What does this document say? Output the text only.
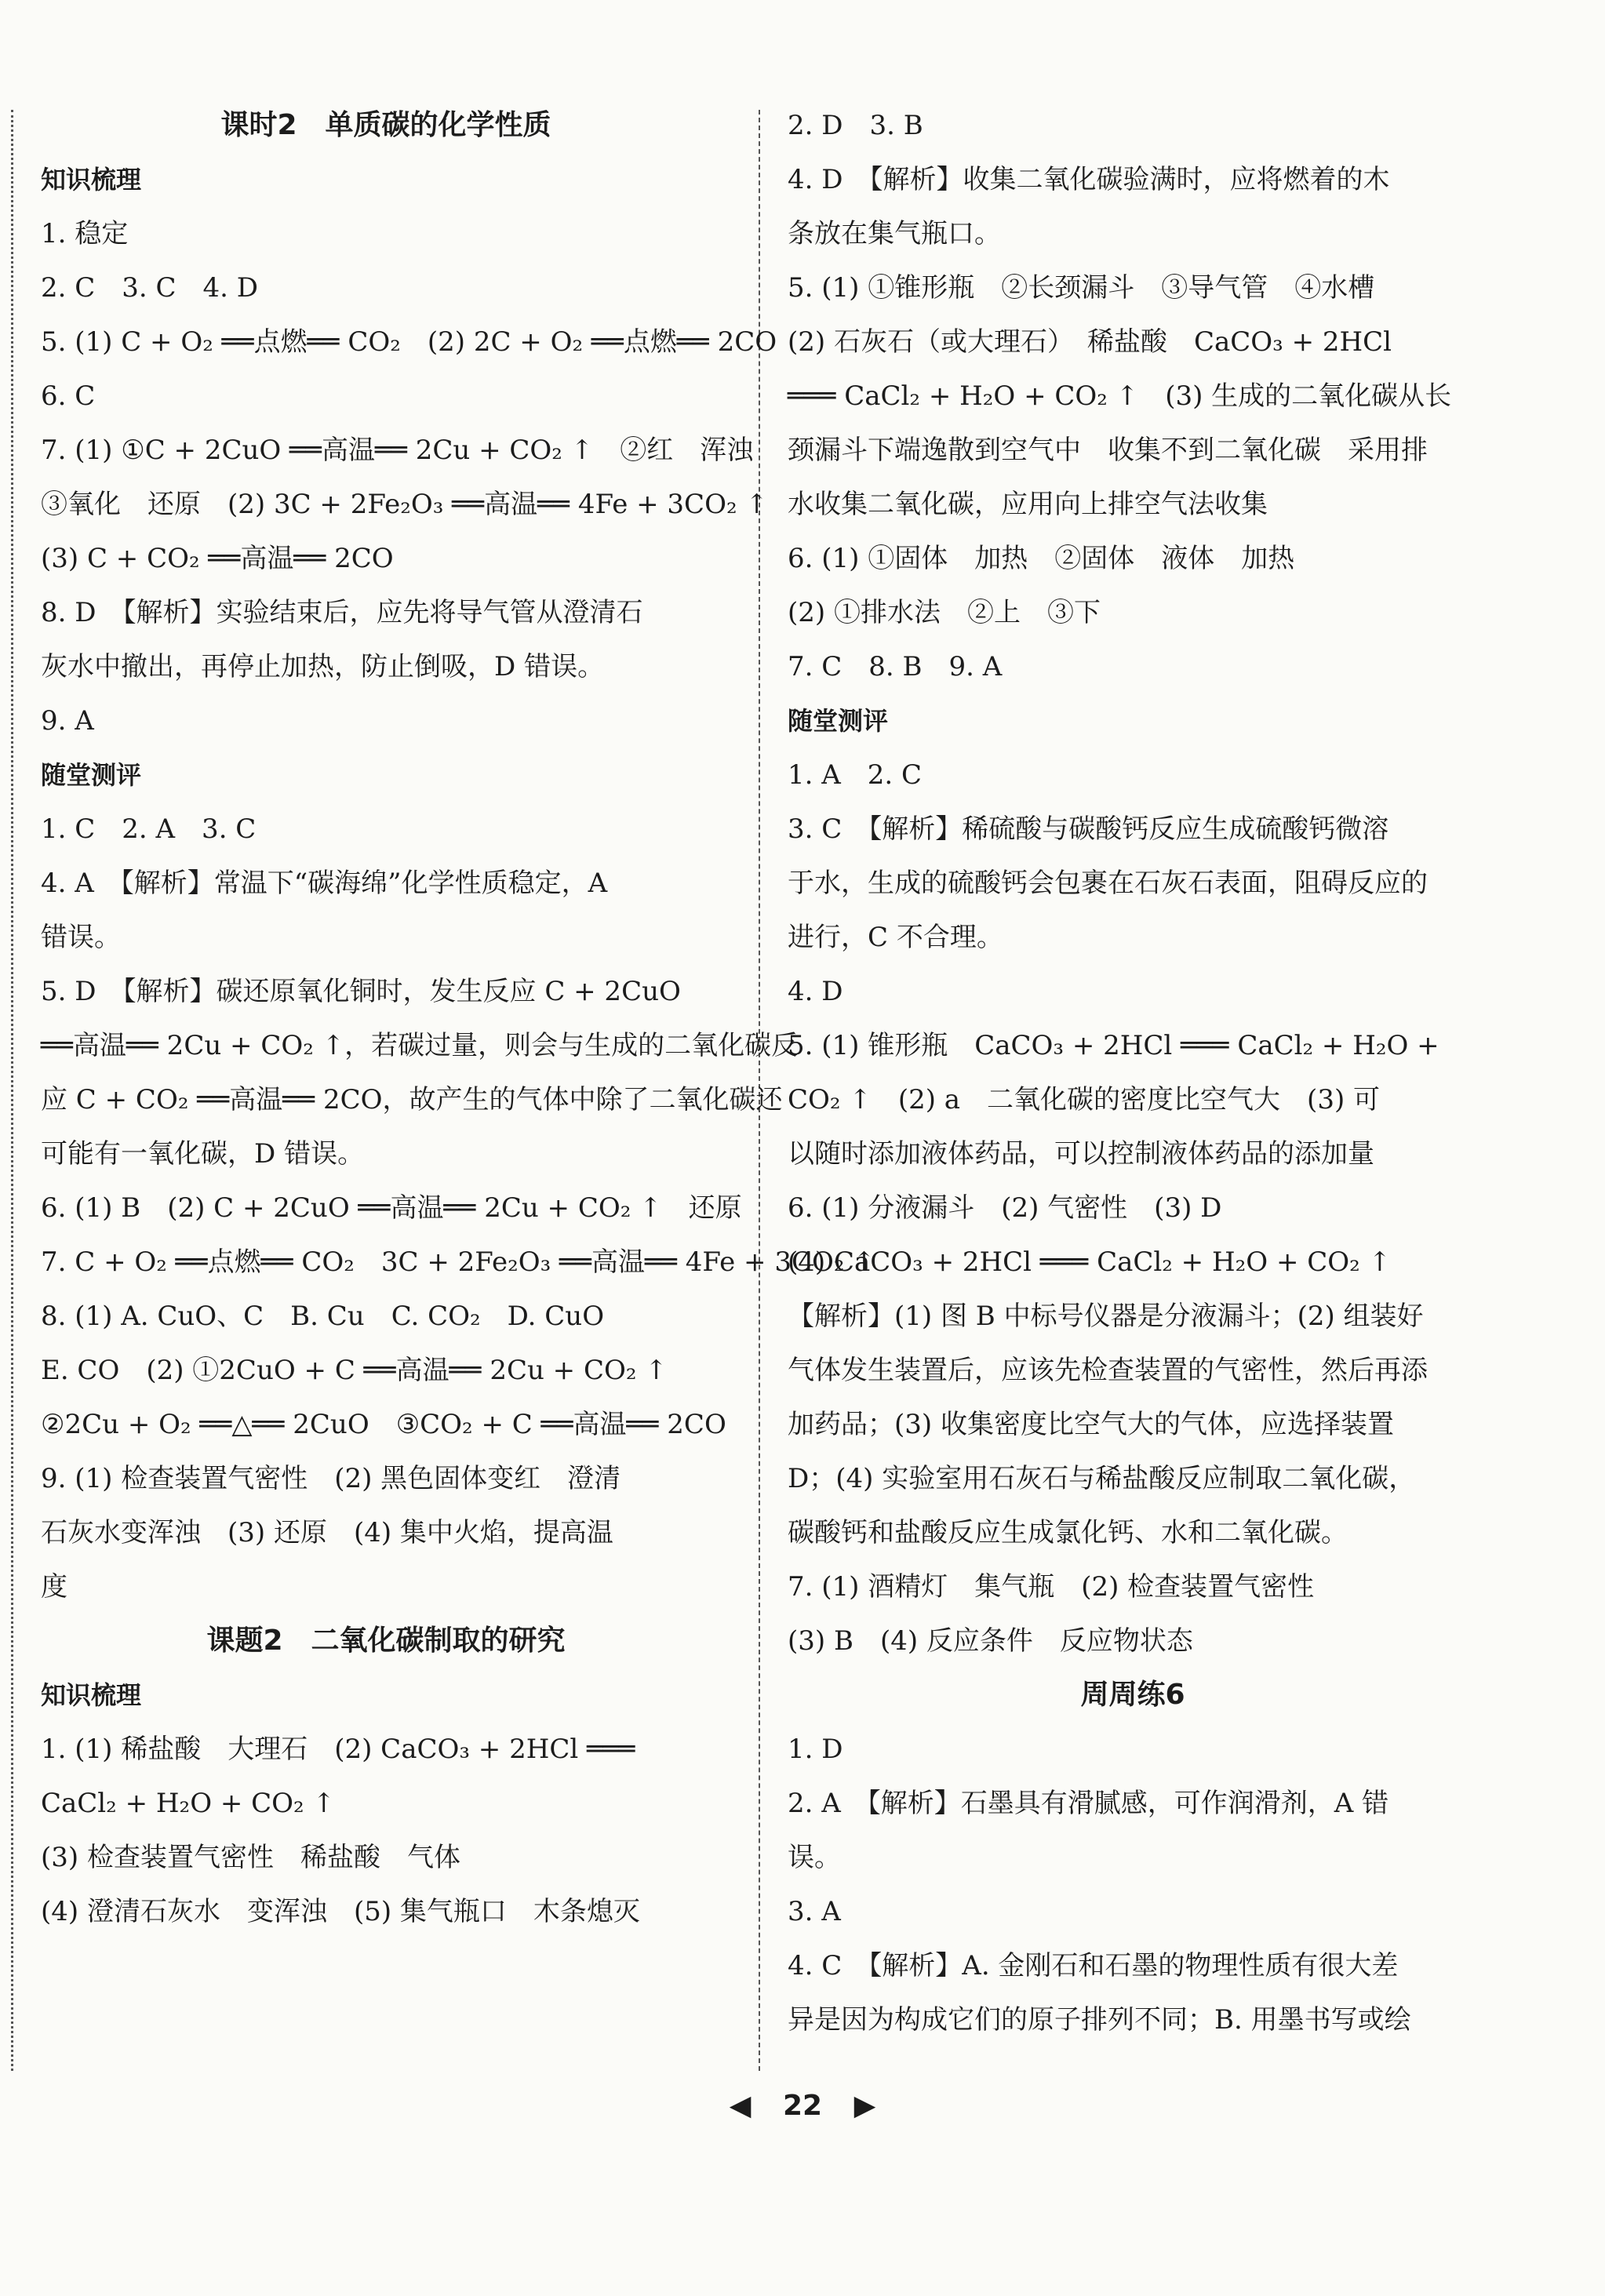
课时2　单质碳的化学性质
知识梳理
1. 稳定
2. C　3. C　4. D
5. (1) C + O₂ ══点燃══ CO₂　(2) 2C + O₂ ══点燃══ 2CO
6. C
7. (1) ①C + 2CuO ══高温══ 2Cu + CO₂ ↑　②红　浑浊
③氧化　还原　(2) 3C + 2Fe₂O₃ ══高温══ 4Fe + 3CO₂ ↑
(3) C + CO₂ ══高温══ 2CO
8. D　【解析】实验结束后，应先将导气管从澄清石
灰水中撤出，再停止加热，防止倒吸，D 错误。
9. A
随堂测评
1. C　2. A　3. C
4. A　【解析】常温下“碳海绵”化学性质稳定，A
错误。
5. D　【解析】碳还原氧化铜时，发生反应 C + 2CuO
══高温══ 2Cu + CO₂ ↑，若碳过量，则会与生成的二氧化碳反
应 C + CO₂ ══高温══ 2CO，故产生的气体中除了二氧化碳还
可能有一氧化碳，D 错误。
6. (1) B　(2) C + 2CuO ══高温══ 2Cu + CO₂ ↑　还原
7. C + O₂ ══点燃══ CO₂　3C + 2Fe₂O₃ ══高温══ 4Fe + 3CO₂ ↑
8. (1) A. CuO、C　B. Cu　C. CO₂　D. CuO
E. CO　(2) ①2CuO + C ══高温══ 2Cu + CO₂ ↑
②2Cu + O₂ ══△══ 2CuO　③CO₂ + C ══高温══ 2CO
9. (1) 检查装置气密性　(2) 黑色固体变红　澄清
石灰水变浑浊　(3) 还原　(4) 集中火焰，提高温
度
课题2　二氧化碳制取的研究
知识梳理
1. (1) 稀盐酸　大理石　(2) CaCO₃ + 2HCl ═══
CaCl₂ + H₂O + CO₂ ↑
(3) 检查装置气密性　稀盐酸　气体
(4) 澄清石灰水　变浑浊　(5) 集气瓶口　木条熄灭
2. D　3. B
4. D　【解析】收集二氧化碳验满时，应将燃着的木
条放在集气瓶口。
5. (1) ①锥形瓶　②长颈漏斗　③导气管　④水槽
(2) 石灰石（或大理石）　稀盐酸　CaCO₃ + 2HCl
═══ CaCl₂ + H₂O + CO₂ ↑　(3) 生成的二氧化碳从长
颈漏斗下端逸散到空气中　收集不到二氧化碳　采用排
水收集二氧化碳，应用向上排空气法收集
6. (1) ①固体　加热　②固体　液体　加热
(2) ①排水法　②上　③下
7. C　8. B　9. A
随堂测评
1. A　2. C
3. C　【解析】稀硫酸与碳酸钙反应生成硫酸钙微溶
于水，生成的硫酸钙会包裹在石灰石表面，阻碍反应的
进行，C 不合理。
4. D
5. (1) 锥形瓶　CaCO₃ + 2HCl ═══ CaCl₂ + H₂O +
CO₂ ↑　(2) a　二氧化碳的密度比空气大　(3) 可
以随时添加液体药品，可以控制液体药品的添加量
6. (1) 分液漏斗　(2) 气密性　(3) D
(4) CaCO₃ + 2HCl ═══ CaCl₂ + H₂O + CO₂ ↑
【解析】(1) 图 B 中标号仪器是分液漏斗；(2) 组装好
气体发生装置后，应该先检查装置的气密性，然后再添
加药品；(3) 收集密度比空气大的气体，应选择装置
D；(4) 实验室用石灰石与稀盐酸反应制取二氧化碳，
碳酸钙和盐酸反应生成氯化钙、水和二氧化碳。
7. (1) 酒精灯　集气瓶　(2) 检查装置气密性
(3) B　(4) 反应条件　反应物状态
周周练6
1. D
2. A　【解析】石墨具有滑腻感，可作润滑剂，A 错
误。
3. A
4. C　【解析】A. 金刚石和石墨的物理性质有很大差
异是因为构成它们的原子排列不同；B. 用墨书写或绘
◀ 22 ▶
